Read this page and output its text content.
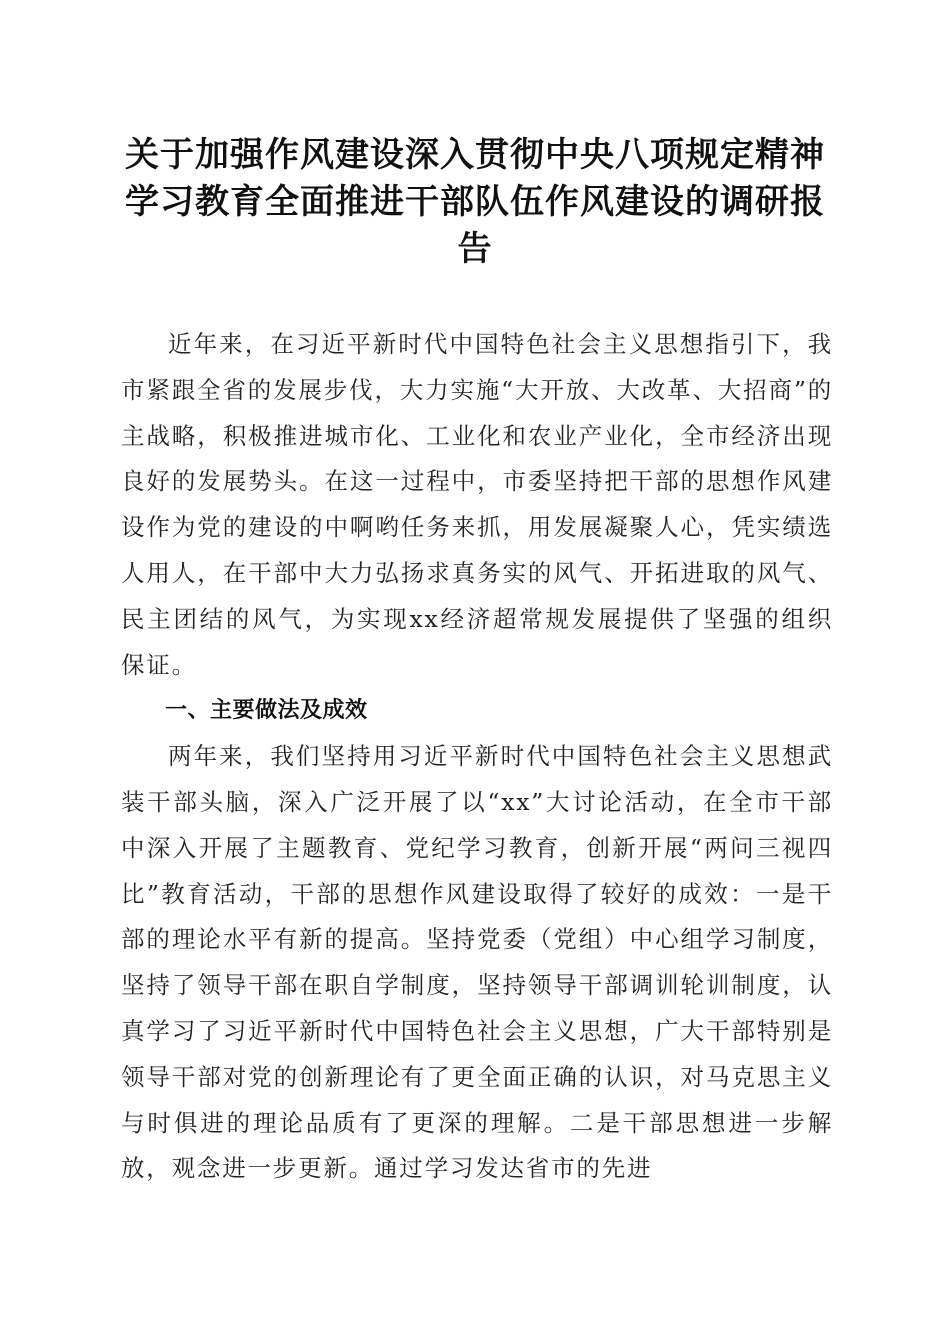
关于加强作风建设深入贯彻中央八项规定精神学习教育全面推进干部队伍作风建设的调研报告

近年来，在习近平新时代中国特色社会主义思想指引下，我市紧跟全省的发展步伐，大力实施“大开放、大改革、大招商”的主战略，积极推进城市化、工业化和农业产业化，全市经济出现良好的发展势头。在这一过程中，市委坚持把干部的思想作风建设作为党的建设的中啊哟任务来抓，用发展凝聚人心，凭实绩选人用人，在干部中大力弘扬求真务实的风气、开拓进取的风气、民主团结的风气，为实现xx经济超常规发展提供了坚强的组织保证。

一、主要做法及成效

两年来，我们坚持用习近平新时代中国特色社会主义思想武装干部头脑，深入广泛开展了以“xx”大讨论活动，在全市干部中深入开展了主题教育、党纪学习教育，创新开展“两问三视四比”教育活动，干部的思想作风建设取得了较好的成效：一是干部的理论水平有新的提高。坚持党委（党组）中心组学习制度，坚持了领导干部在职自学制度，坚持领导干部调训轮训制度，认真学习了习近平新时代中国特色社会主义思想，广大干部特别是领导干部对党的创新理论有了更全面正确的认识，对马克思主义与时俱进的理论品质有了更深的理解。二是干部思想进一步解放，观念进一步更新。通过学习发达省市的先进
